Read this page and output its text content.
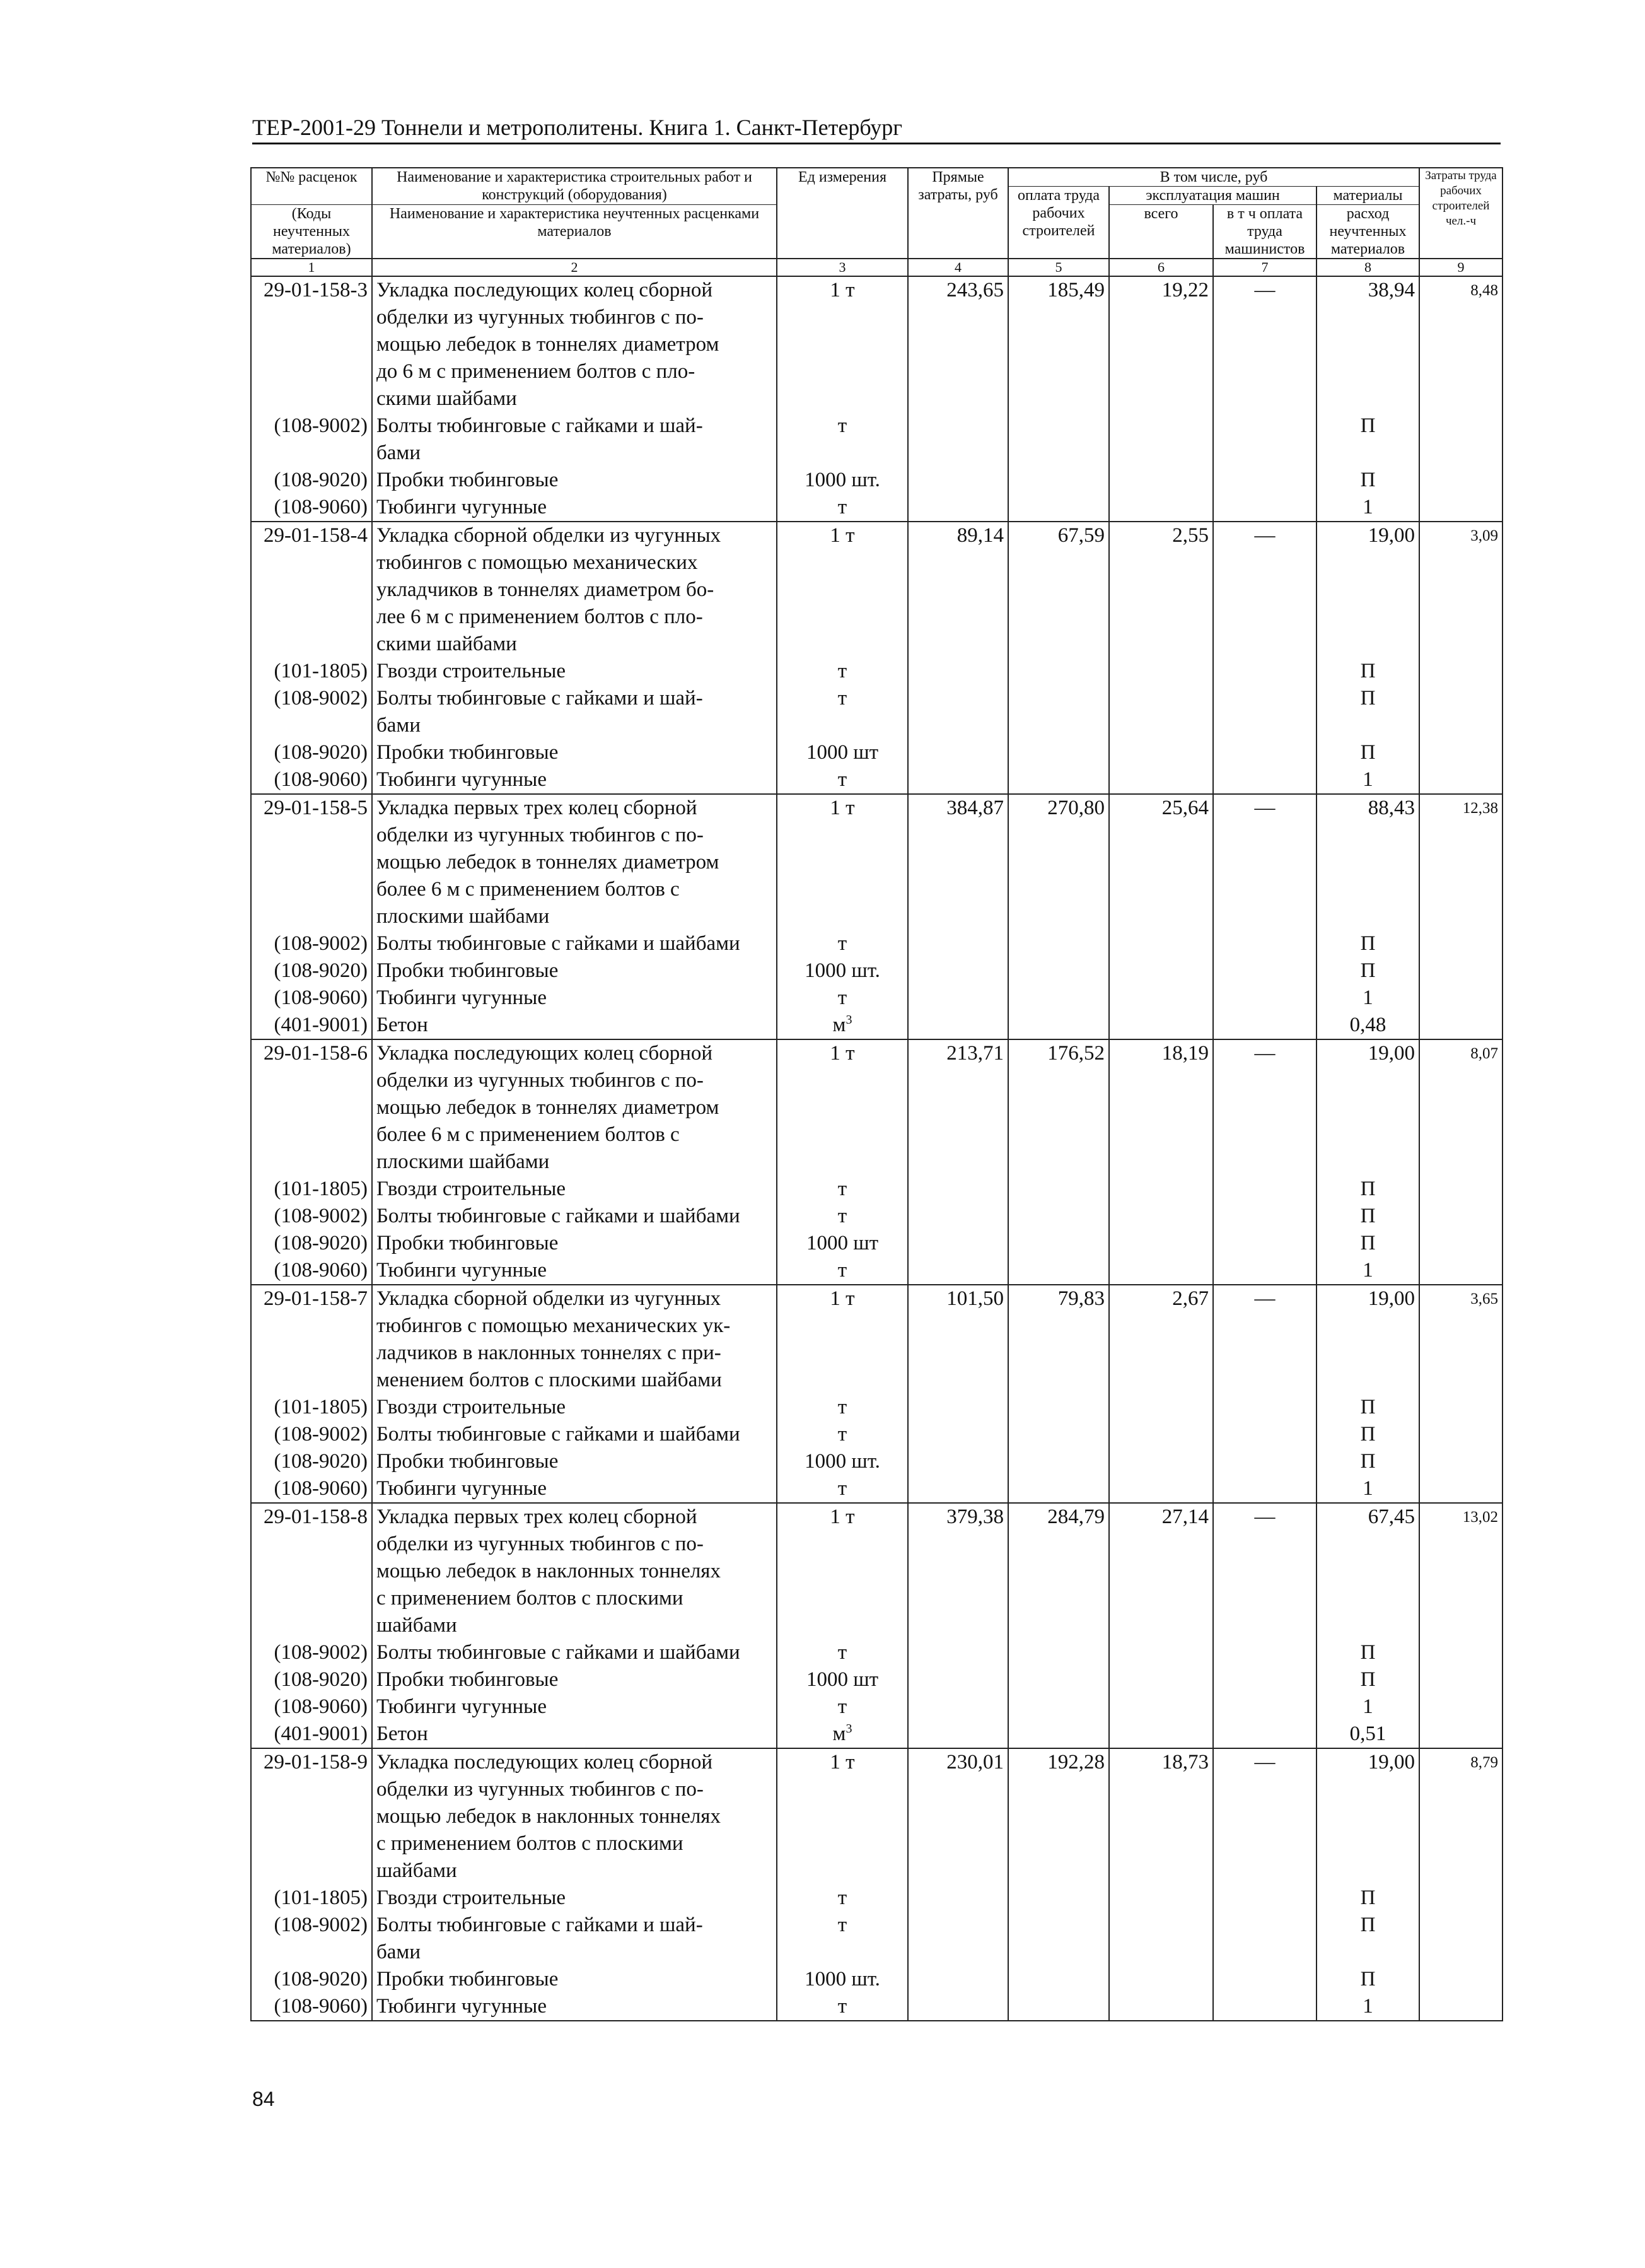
ТЕР-2001-29 Тоннели и метрополитены. Книга 1. Санкт-Петербург
№№ расценок	Наименование и характеристика строительных работ и конструкций (оборудования)	Ед измерения	Прямые затраты, руб	В том числе, руб				Затраты труда рабочих строителей чел.-ч
				оплата труда рабочих строителей	эксплуатация машин		материалы	
(Коды неучтенных материалов)	Наименование и характеристика неучтенных расценками материалов				всего	в т ч оплата труда машинистов	расход неучтенных материалов	

1	2	3	4	5	6	7	8	9
29-01-158-3	Укладка последующих колец сборной	1 т	243,65	185,49	19,22	—	38,94	8,48
	обделки из чугунных тюбингов с по-							
	мощью лебедок в тоннелях диаметром							
	до 6 м с применением болтов с пло-							
	скими шайбами							
(108-9002)	Болты тюбинговые с гайками и шай-	т					П	
	бами							
(108-9020)	Пробки тюбинговые	1000 шт.					П	
(108-9060)	Тюбинги чугунные	т					1	
29-01-158-4	Укладка сборной обделки из чугунных	1 т	89,14	67,59	2,55	—	19,00	3,09
	тюбингов с помощью механических							
	укладчиков в тоннелях диаметром бо-							
	лее 6 м с применением болтов с пло-							
	скими шайбами							
(101-1805)	Гвозди строительные	т					П	
(108-9002)	Болты тюбинговые с гайками и шай-	т					П	
	бами							
(108-9020)	Пробки тюбинговые	1000 шт					П	
(108-9060)	Тюбинги чугунные	т					1	
29-01-158-5	Укладка первых трех колец сборной	1 т	384,87	270,80	25,64	—	88,43	12,38
	обделки из чугунных тюбингов с по-							
	мощью лебедок в тоннелях диаметром							
	более 6 м с применением болтов с							
	плоскими шайбами							
(108-9002)	Болты тюбинговые с гайками и шайбами	т					П	
(108-9020)	Пробки тюбинговые	1000 шт.					П	
(108-9060)	Тюбинги чугунные	т					1	
(401-9001)	Бетон	$м^3$					0,48	
29-01-158-6	Укладка последующих колец сборной	1 т	213,71	176,52	18,19	—	19,00	8,07
	обделки из чугунных тюбингов с по-							
	мощью лебедок в тоннелях диаметром							
	более 6 м с применением болтов с							
	плоскими шайбами							
(101-1805)	Гвозди строительные	т					П	
(108-9002)	Болты тюбинговые с гайками и шайбами	т					П	
(108-9020)	Пробки тюбинговые	1000 шт					П	
(108-9060)	Тюбинги чугунные	т					1	
29-01-158-7	Укладка сборной обделки из чугунных	1 т	101,50	79,83	2,67	—	19,00	3,65
	тюбингов с помощью механических ук-							
	ладчиков в наклонных тоннелях с при-							
	менением болтов с плоскими шайбами							
(101-1805)	Гвозди строительные	т					П	
(108-9002)	Болты тюбинговые с гайками и шайбами	т					П	
(108-9020)	Пробки тюбинговые	1000 шт.					П	
(108-9060)	Тюбинги чугунные	т					1	
29-01-158-8	Укладка первых трех колец сборной	1 т	379,38	284,79	27,14	—	67,45	13,02
	обделки из чугунных тюбингов с по-							
	мощью лебедок в наклонных тоннелях							
	с применением болтов с плоскими							
	шайбами							
(108-9002)	Болты тюбинговые с гайками и шайбами	т					П	
(108-9020)	Пробки тюбинговые	1000 шт					П	
(108-9060)	Тюбинги чугунные	т					1	
(401-9001)	Бетон	$м^3$					0,51	
29-01-158-9	Укладка последующих колец сборной	1 т	230,01	192,28	18,73	—	19,00	8,79
	обделки из чугунных тюбингов с по-							
	мощью лебедок в наклонных тоннелях							
	с применением болтов с плоскими							
	шайбами							
(101-1805)	Гвозди строительные	т					П	
(108-9002)	Болты тюбинговые с гайками и шай-	т					П	
	бами							
(108-9020)	Пробки тюбинговые	1000 шт.					П	
(108-9060)	Тюбинги чугунные	т					1	
84
